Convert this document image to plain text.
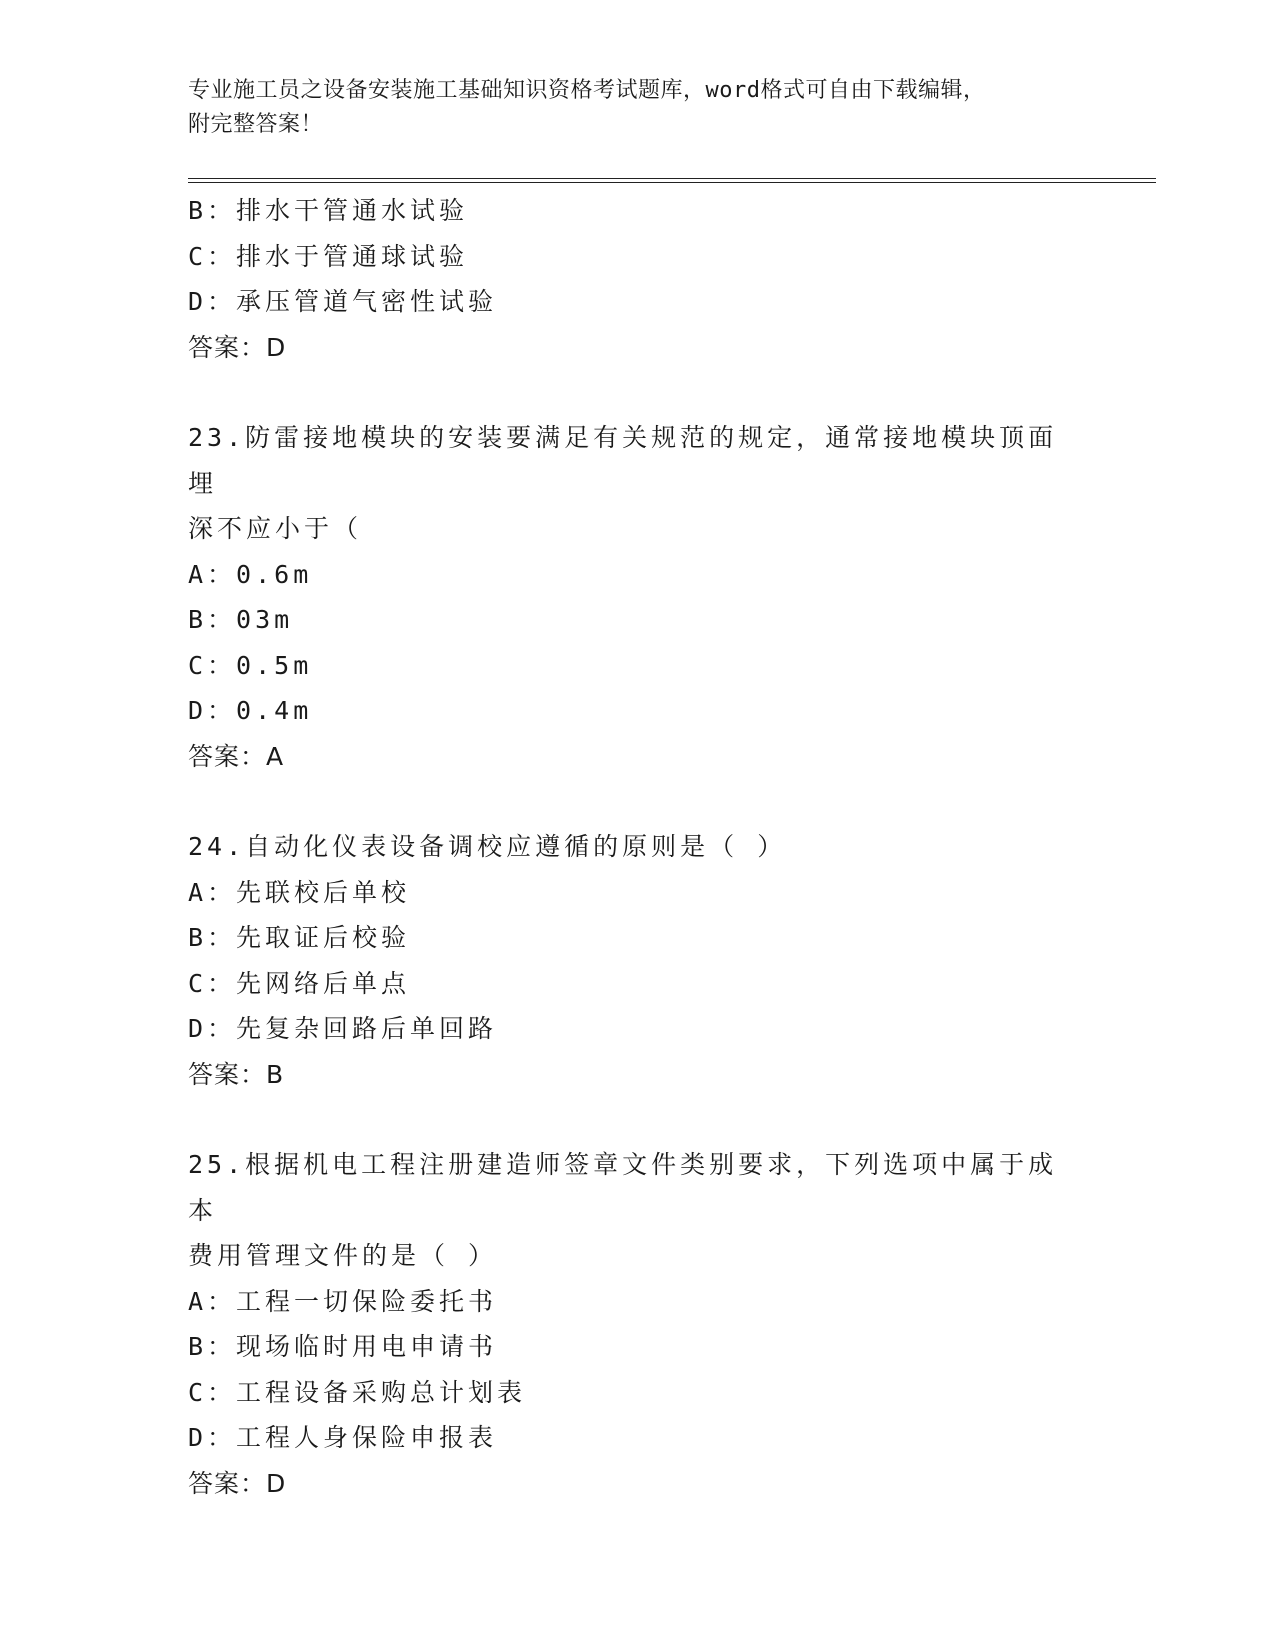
专业施工员之设备安装施工基础知识资格考试题库，word格式可自由下载编辑，
附完整答案！
B：排水干管通水试验
C：排水于管通球试验
D：承压管道气密性试验
答案：D
23.防雷接地模块的安装要满足有关规范的规定，通常接地模块顶面埋
深不应小于（
A：0.6m
B：03m
C：0.5m
D：0.4m
答案：A
24.自动化仪表设备调校应遵循的原则是（ ）
A：先联校后单校
B：先取证后校验
C：先网络后单点
D：先复杂回路后单回路
答案：B
25.根据机电工程注册建造师签章文件类别要求，下列选项中属于成本
费用管理文件的是（ ）
A：工程一切保险委托书
B：现场临时用电申请书
C：工程设备采购总计划表
D：工程人身保险申报表
答案：D
